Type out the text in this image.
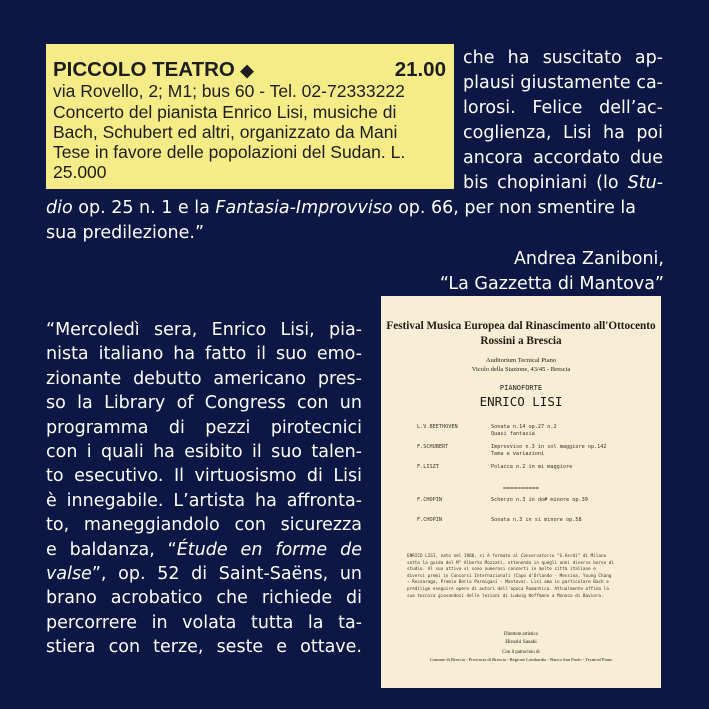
PICCOLO TEATRO ◆	21.00
via Rovello, 2; M1; bus 60 - Tel. 02-72333222
Concerto del pianista Enrico Lisi, musiche di
Bach, Schubert ed altri, organizzato da Mani
Tese in favore delle popolazioni del Sudan. L.
25.000
che ha suscitato ap-
plausi giustamente ca-
lorosi. Felice dell’ac-
coglienza, Lisi ha poi
ancora accordato due
bis chopiniani (lo Stu-
dio op. 25 n. 1 e la Fantasia-Improvviso op. 66, per non smentire la
sua predilezione.”
Andrea Zaniboni,
“La Gazzetta di Mantova”
“Mercoledì sera, Enrico Lisi, pia-
nista italiano ha fatto il suo emo-
zionante debutto americano pres-
so la Library of Congress con un
programma di pezzi pirotecnici
con i quali ha esibito il suo talen-
to esecutivo. Il virtuosismo di Lisi
è innegabile. L’artista ha affronta-
to, maneggiandolo con sicurezza
e baldanza, “Étude en forme de
valse”, op. 52 di Saint-Saëns, un
brano acrobatico che richiede di
percorrere in volata tutta la ta-
stiera con terze, seste e ottave.
Festival Musica Europea dal Rinascimento all'Ottocento
Rossini a Brescia
Auditorium Tecnical Piano
Vicolo della Stazione, 43/45 - Brescia
PIANOFORTE
ENRICO LISI
L.V.BEETHOVEN	Sonata n.14 op.27 n.2
Quasi fantasia
F.SCHUBERT	Improvviso n.3 in sol maggiore op.142
Tema e variazioni
F.LISZT	Polacca n.2 in mi maggiore
F.CHOPIN	Scherzo n.3 in do# minore op.39
F.CHOPIN	Sonata n.3 in si minore op.58
==========
ENRICO LISI, nato nel 1968, si è formato al Conservatorio "G.Verdi" di Milano
sotto la guida del M° Alberto Mozzati, ottenendo in quegli anni diverse borse di
studio. Al suo attivo vi sono numerosi concerti in molte città italiane e
diversi premi in Concorsi Internazionali (Capo d'Orlando - Messina, Young Chang
- Recoaraga, Premio Berio Parmigani - Mantova). Lisi ama in particolare Bach e
predilige eseguire opere di autori dell'epoca Romantica. Attualmente affina la
sua tecnica giovandosi delle lezioni di Ludwig Hoffmann a Monaco di Baviera.
Direttore artistico
Hiroshi Sasaki
Con il patrocinio di
Comune di Brescia - Provincia di Brescia - Regione Lombardia - Banco San Paolo - Tecnical Piano
